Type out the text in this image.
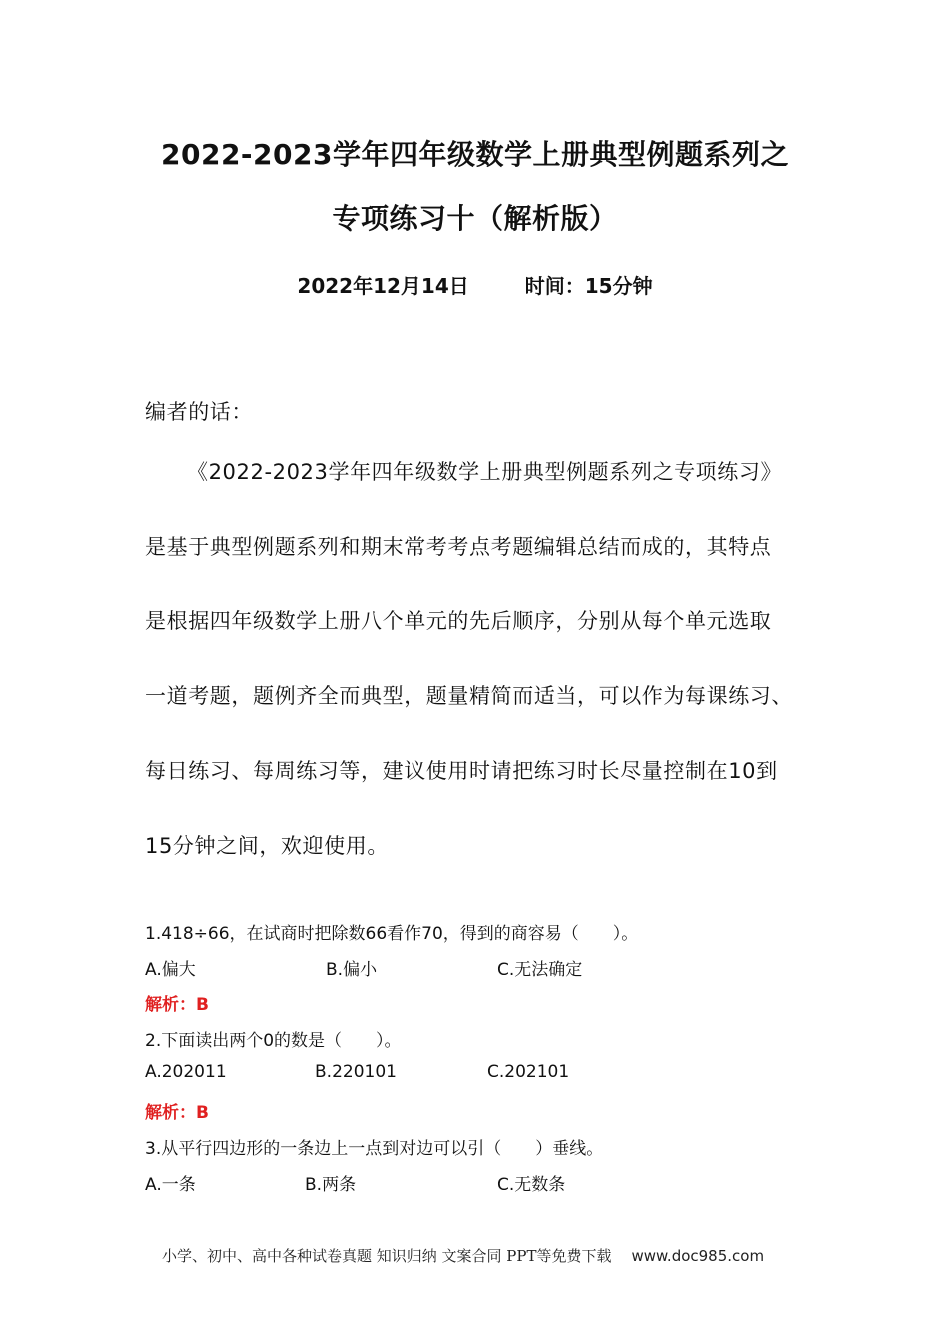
2022-2023学年四年级数学上册典型例题系列之
专项练习十（解析版）
2022年12月14日	时间：15分钟
编者的话：
《2022-2023学年四年级数学上册典型例题系列之专项练习》
是基于典型例题系列和期末常考考点考题编辑总结而成的，其特点
是根据四年级数学上册八个单元的先后顺序，分别从每个单元选取
一道考题，题例齐全而典型，题量精简而适当，可以作为每课练习、
每日练习、每周练习等，建议使用时请把练习时长尽量控制在10到
15分钟之间，欢迎使用。
1.418÷66，在试商时把除数66看作70，得到的商容易（　　）。
A.偏大	B.偏小	C.无法确定
解析：B
2.下面读出两个0的数是（　　）。
A.202011	B.220101	C.202101
解析：B
3.从平行四边形的一条边上一点到对边可以引（　　）垂线。
A.一条	B.两条	C.无数条
小学、初中、高中各种试卷真题 知识归纳 文案合同 PPT等免费下载 www.doc985.com
